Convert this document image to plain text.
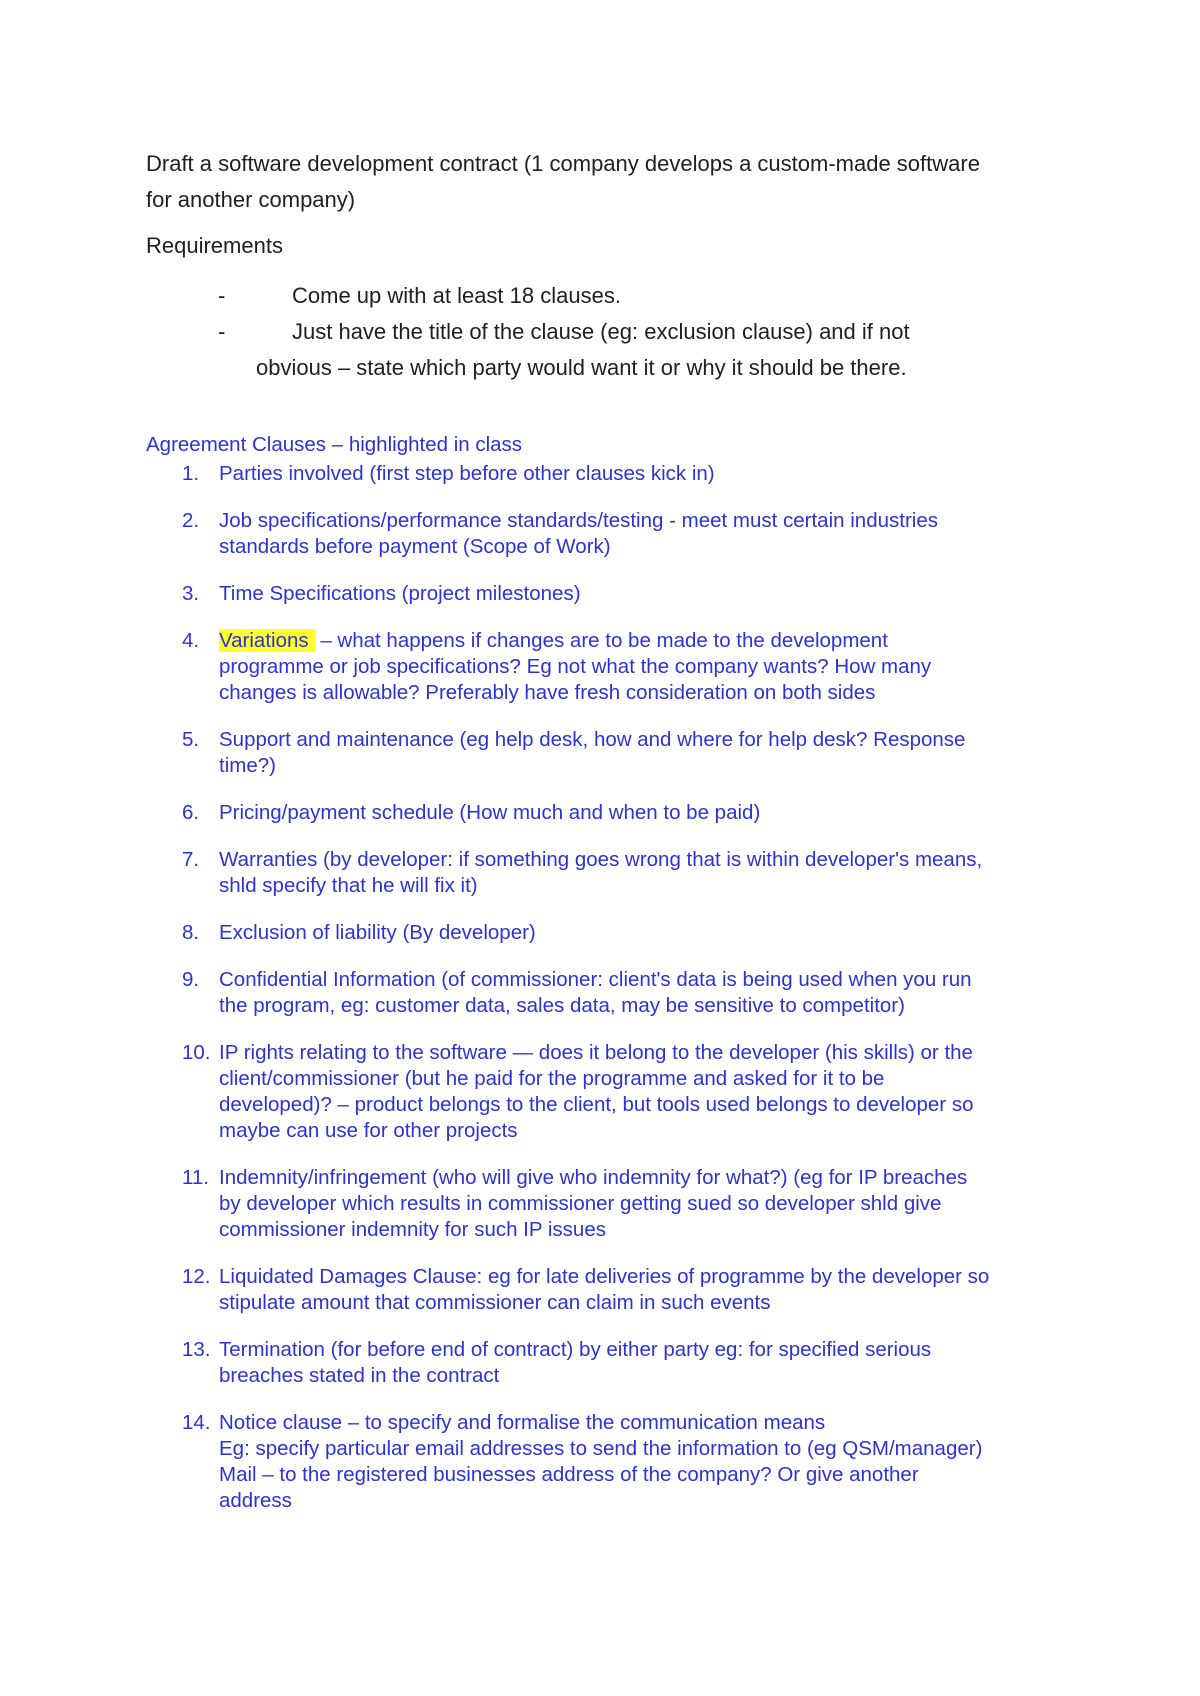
Draft a software development contract (1 company develops a custom-made software for another company)
Requirements
-	Come up with at least 18 clauses.
-	Just have the title of the clause (eg: exclusion clause) and if not
obvious – state which party would want it or why it should be there.
Agreement Clauses – highlighted in class
1. Parties involved (first step before other clauses kick in)
2. Job specifications/performance standards/testing - meet must certain industries
standards before payment (Scope of Work)
3. Time Specifications (project milestones)
4. Variations – what happens if changes are to be made to the development
programme or job specifications? Eg not what the company wants? How many
changes is allowable? Preferably have fresh consideration on both sides
5. Support and maintenance (eg help desk, how and where for help desk? Response
time?)
6. Pricing/payment schedule (How much and when to be paid)
7. Warranties (by developer: if something goes wrong that is within developer's means,
shld specify that he will fix it)
8. Exclusion of liability (By developer)
9. Confidential Information (of commissioner: client's data is being used when you run
the program, eg: customer data, sales data, may be sensitive to competitor)
10. IP rights relating to the software — does it belong to the developer (his skills) or the
client/commissioner (but he paid for the programme and asked for it to be
developed)? – product belongs to the client, but tools used belongs to developer so
maybe can use for other projects
11. Indemnity/infringement (who will give who indemnity for what?) (eg for IP breaches
by developer which results in commissioner getting sued so developer shld give
commissioner indemnity for such IP issues
12. Liquidated Damages Clause: eg for late deliveries of programme by the developer so
stipulate amount that commissioner can claim in such events
13. Termination (for before end of contract) by either party eg: for specified serious
breaches stated in the contract
14. Notice clause – to specify and formalise the communication means
Eg: specify particular email addresses to send the information to (eg QSM/manager)
Mail – to the registered businesses address of the company? Or give another
address
